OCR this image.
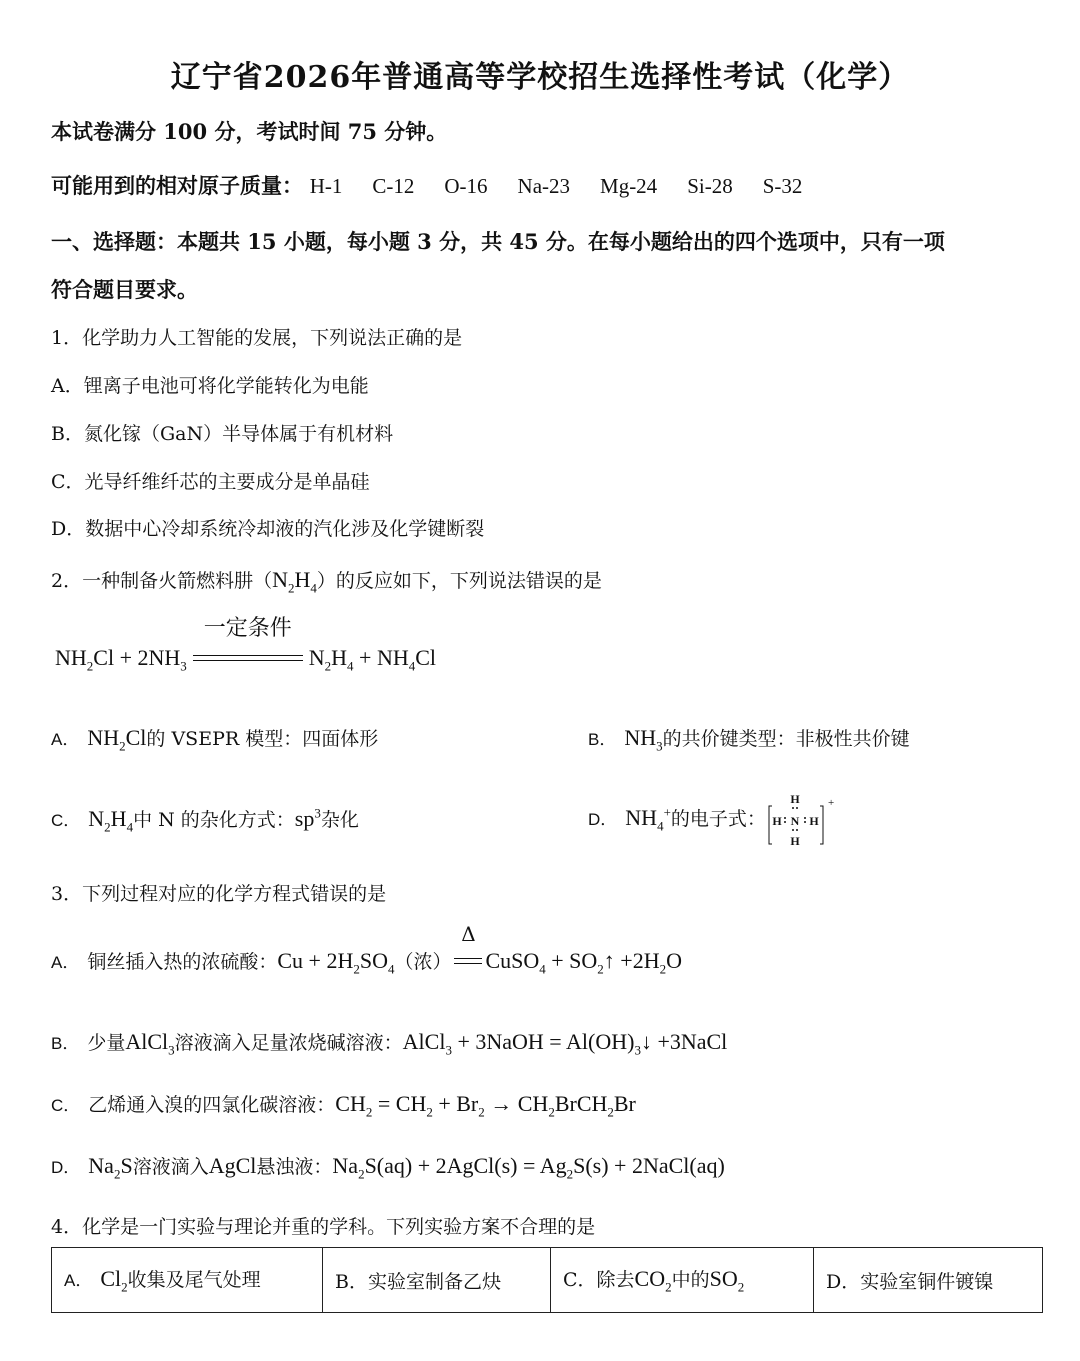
辽宁省2026年普通高等学校招生选择性考试（化学）
本试卷满分 100 分，考试时间 75 分钟。
可能用到的相对原子质量： H-1 C-12 O-16 Na-23 Mg-24 Si-28 S-32
一、选择题：本题共 15 小题，每小题 3 分，共 45 分。在每小题给出的四个选项中，只有一项
符合题目要求。
1．化学助力人工智能的发展，下列说法正确的是
A．锂离子电池可将化学能转化为电能
B．氮化镓（GaN）半导体属于有机材料
C．光导纤维纤芯的主要成分是单晶硅
D．数据中心冷却系统冷却液的汽化涉及化学键断裂
2．一种制备火箭燃料肼$(N_2H_4)$的反应如下，下列说法错误的是
$NH_2Cl + 2NH_3$
一定条件
$N_2H_4 + NH_4Cl$
A． $NH_2Cl$的 VSEPR 模型：四面体形	B． $NH_3$的共价键类型：非极性共价键
C． $N_2H_4$中 N 的杂化方式：$sp^3$杂化	D． $NH_4^+$的电子式：
H
N
H
H H
+
3．下列过程对应的化学方程式错误的是
A． 铜丝插入热的浓硫酸：$Cu + 2H_2SO_4$（浓）
Δ
CuSO$_4$ + $SO_2↑ +2H_2O$
B． 少量AlCl$_3$溶液滴入足量浓烧碱溶液：AlCl$_3$ + 3NaOH = $Al(OH)_3↓$ +3NaCl
C． 乙烯通入溴的四氯化碳溶液：$CH_2 = CH_2 + Br_2$ → $CH_2BrCH_2Br$
D． $Na_2S$溶液滴入AgCl悬浊液：$Na_2S(aq)$ + 2AgCl(s) = $Ag_2S(s)$ + 2NaCl(aq)
4．化学是一门实验与理论并重的学科。下列实验方案不合理的是
A． $Cl_2$收集及尾气处理	B．实验室制备乙炔	C．除去$CO_2$中的$SO_2$	D．实验室铜件镀镍
